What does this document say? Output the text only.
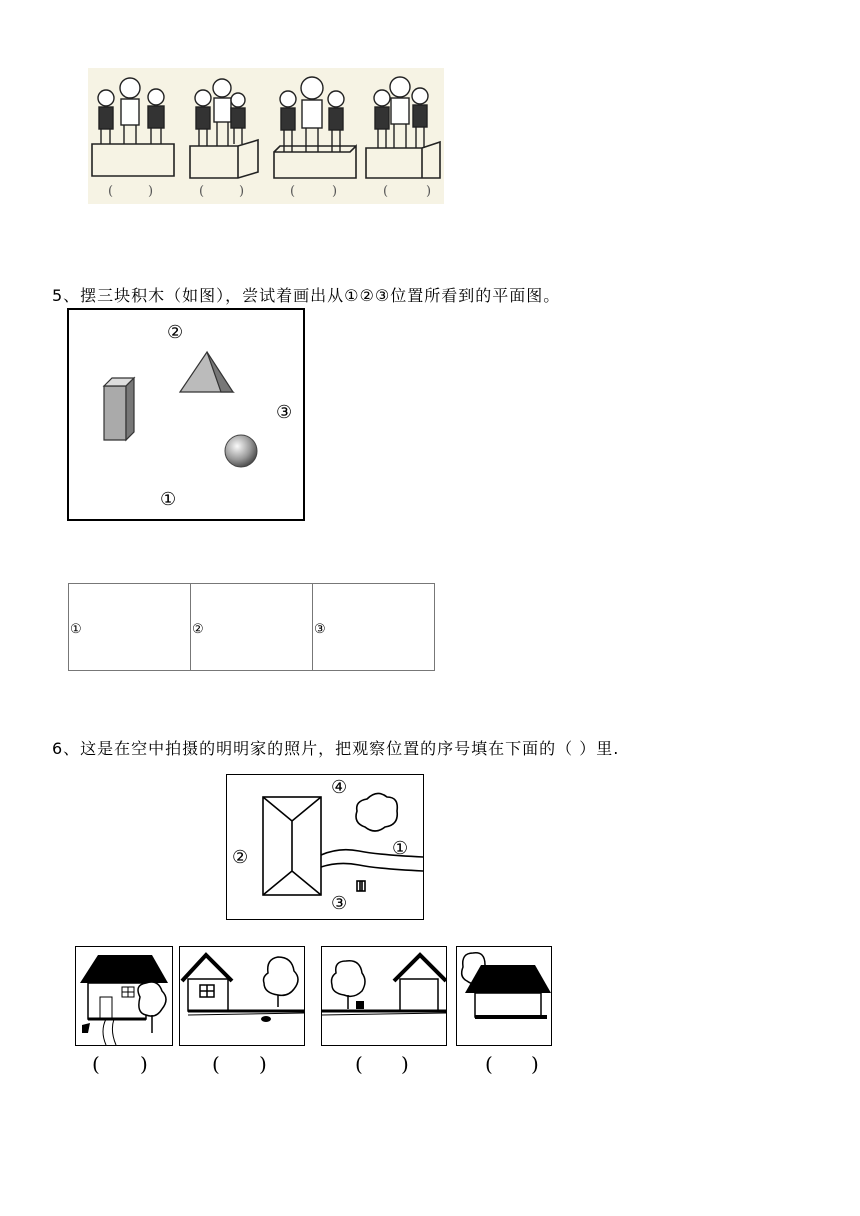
(	)	(	)	(	)	(	)
5、摆三块积木（如图），尝试着画出从①②③位置所看到的平面图。
②
③
①
①	②	③
6、这是在空中拍摄的明明家的照片，把观察位置的序号填在下面的（ ）里.
④
①
②
③
( )	( )	( )	( )
